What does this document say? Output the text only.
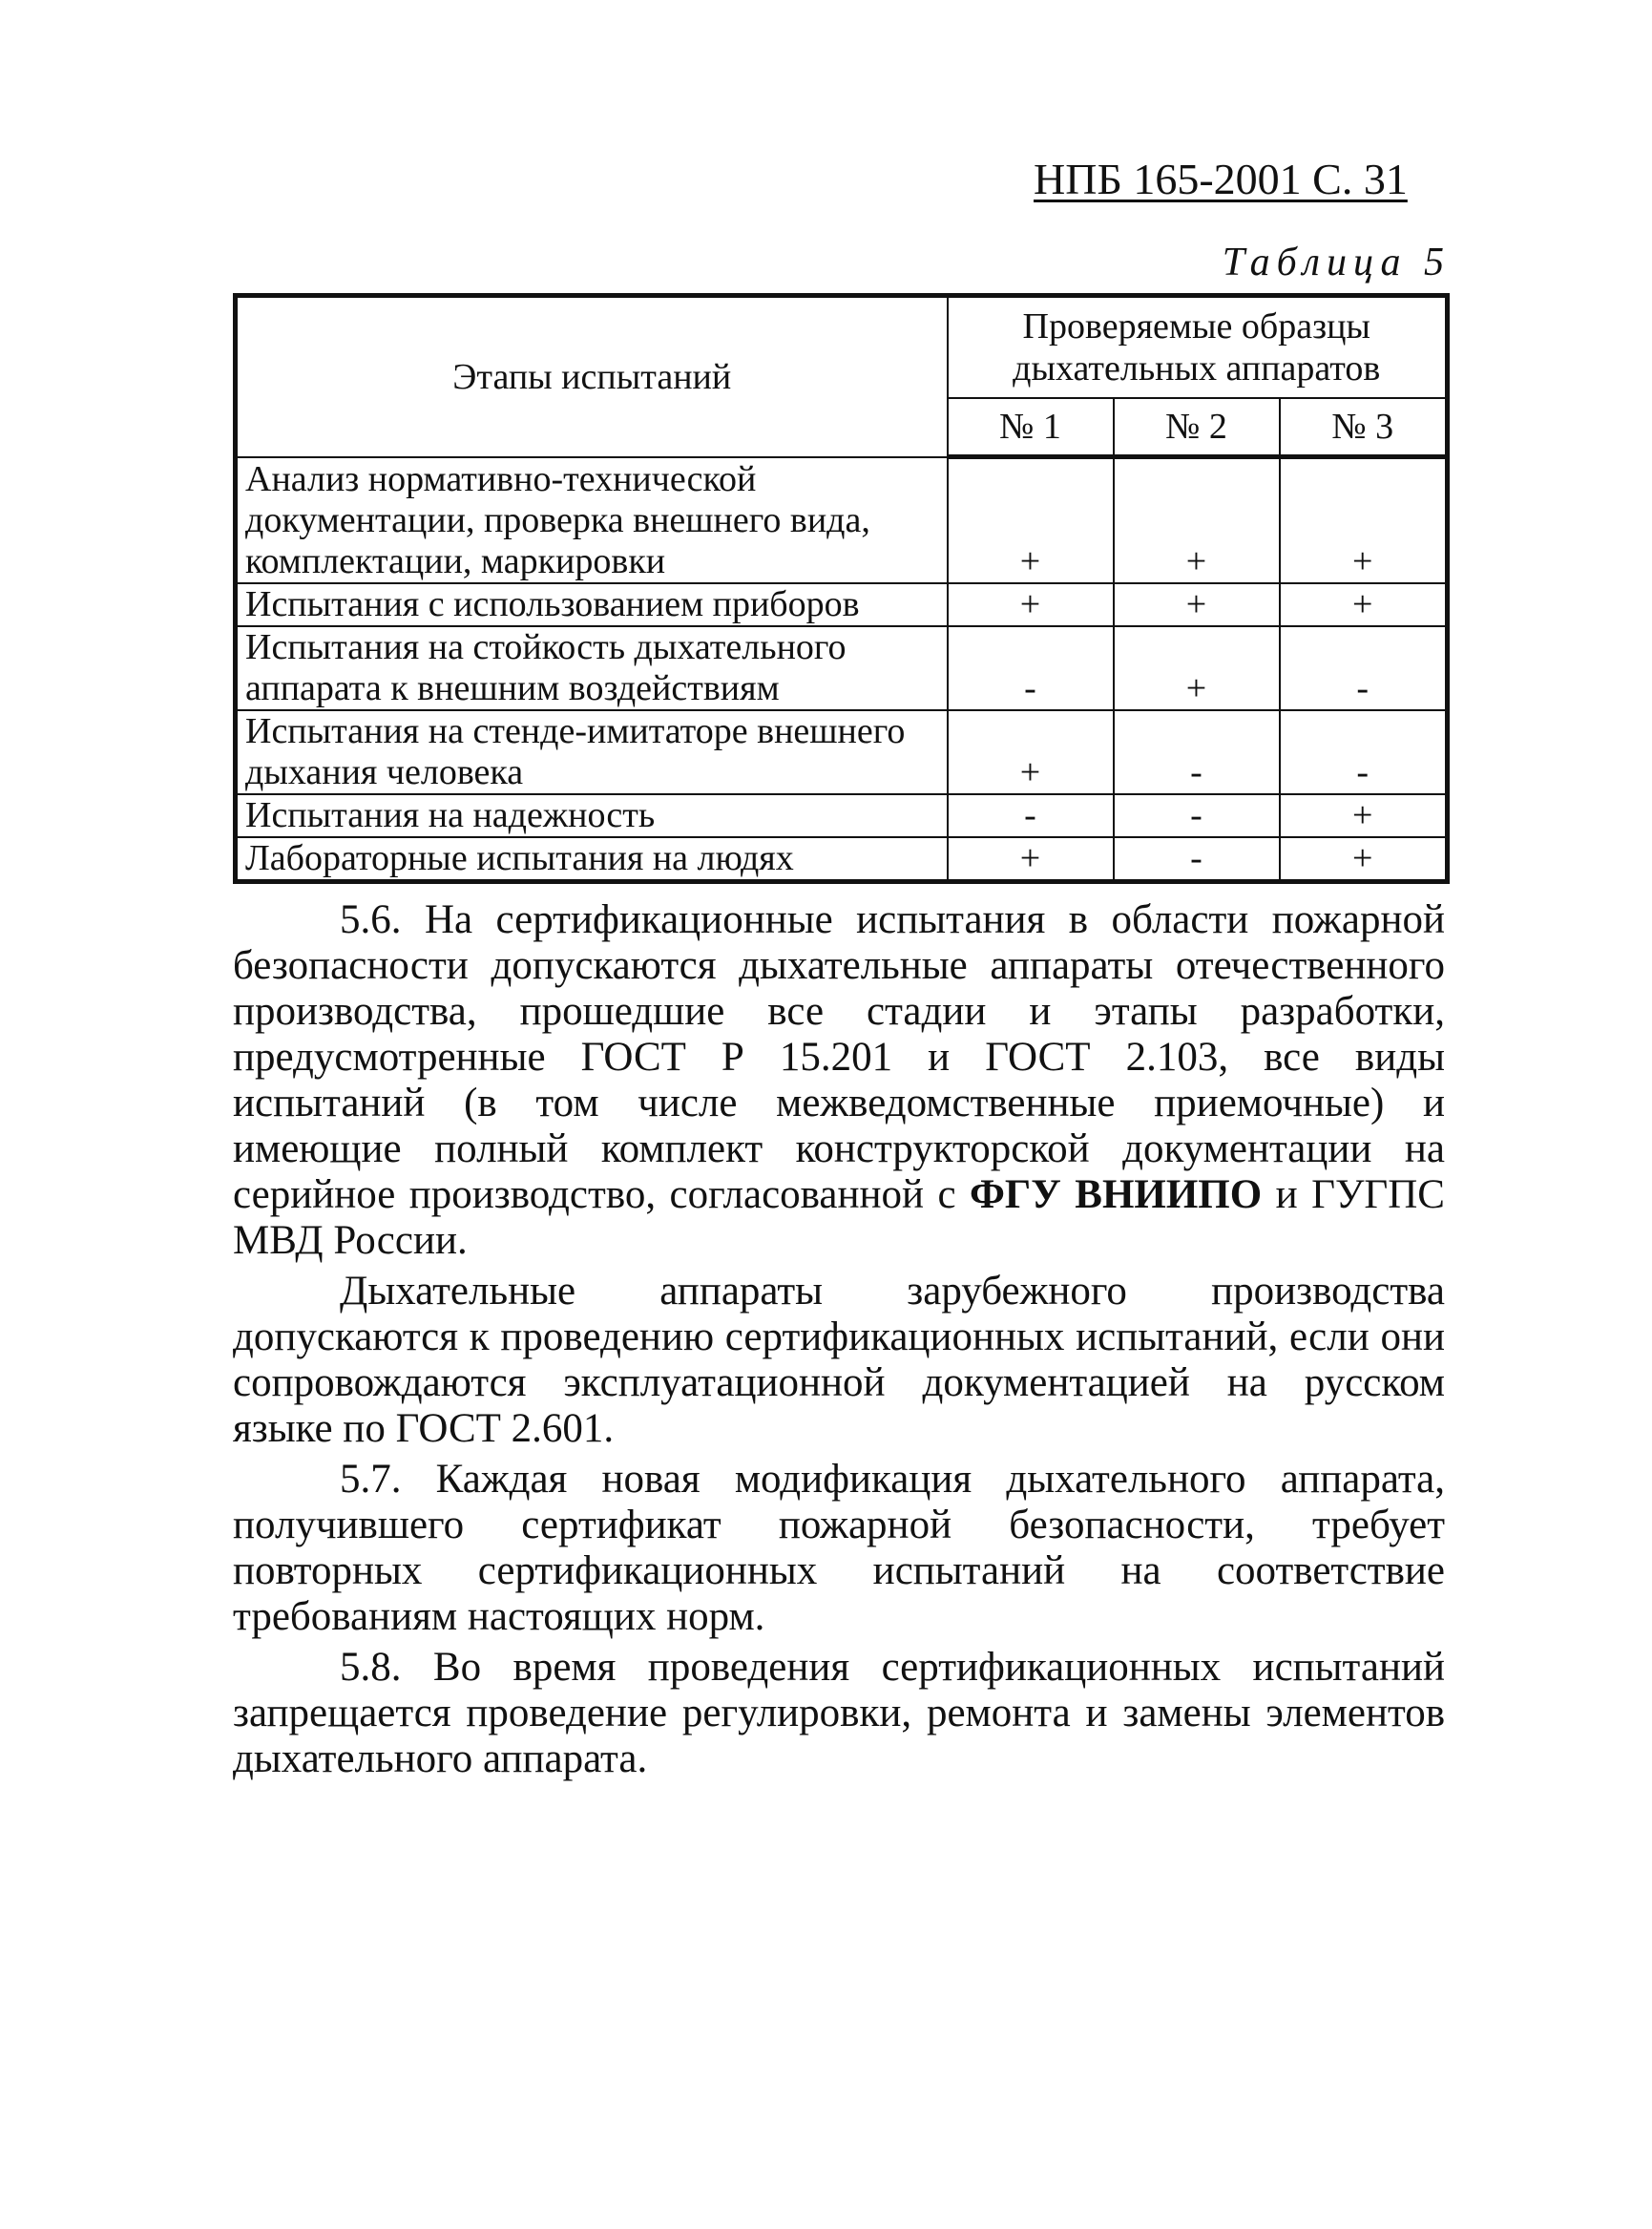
НПБ 165-2001 С. 31
Таблица 5
Этапы испытаний	Проверяемые образцы дыхательных аппаратов		
	№ 1	№ 2	№ 3
Анализ нормативно-технической документации, проверка внешнего вида, комплектации, маркировки	+	+	+
Испытания с использованием приборов	+	+	+
Испытания на стойкость дыхательного аппарата к внешним воздействиям	-	+	-
Испытания на стенде-имитаторе внешнего дыхания человека	+	-	-
Испытания на надежность	-	-	+
Лабораторные испытания на людях	+	-	+

5.6. На сертификационные испытания в области пожарной безопасности допускаются дыхательные аппараты отечественного производства, прошедшие все стадии и этапы разработки, предусмотренные ГОСТ Р 15.201 и ГОСТ 2.103, все виды испытаний (в том числе межведомственные приемочные) и имеющие полный комплект конструкторской документации на серийное производство, согласованной с ФГУ ВНИИПО и ГУГПС МВД России.

Дыхательные аппараты зарубежного производства допускаются к проведению сертификационных испытаний, если они сопровождаются эксплуатационной документацией на русском языке по ГОСТ 2.601.

5.7. Каждая новая модификация дыхательного аппарата, получившего сертификат пожарной безопасности, требует повторных сертификационных испытаний на соответствие требованиям настоящих норм.

5.8. Во время проведения сертификационных испытаний запрещается проведение регулировки, ремонта и замены элементов дыхательного аппарата.
